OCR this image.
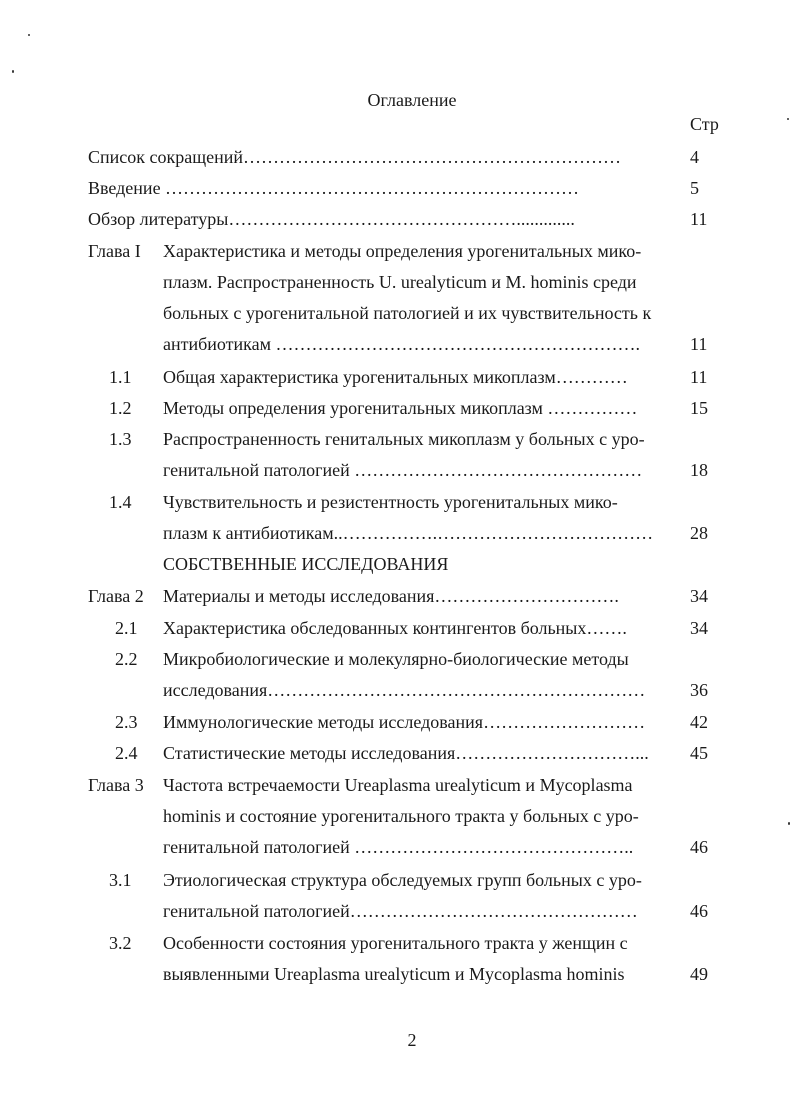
Оглавление
Стр
Список сокращений………………………………………………………	4
Введение ……………………………………………………………	5
Обзор литературы………………………………………….............	11
Глава I Характеристика и методы определения урогенитальных мико-
плазм. Распространенность U. urealyticum и M. hominis среди
больных с урогенитальной патологией и их чувствительность к
антибиотикам …………………………………………………….	11
1.1 Общая характеристика урогенитальных микоплазм…………	11
1.2 Методы определения урогенитальных микоплазм ……………	15
1.3 Распространенность генитальных микоплазм у больных с уро-
генитальной патологией …………………………………………	18
1.4 Чувствительность и резистентность урогенитальных мико-
плазм к антибиотикам..…………….………………………………	28
СОБСТВЕННЫЕ ИССЛЕДОВАНИЯ
Глава 2 Материалы и методы исследования………………………….	34
2.1 Характеристика обследованных контингентов больных…….	34
2.2 Микробиологические и молекулярно-биологические методы
исследования………………………………………………………	36
2.3 Иммунологические методы исследования………………………	42
2.4 Статистические методы исследования…………………………...	45
Глава 3 Частота встречаемости Ureaplasma urealyticum и Mycoplasma
hominis и состояние урогенитального тракта у больных с уро-
генитальной патологией ………………………………………..	46
3.1 Этиологическая структура обследуемых групп больных с уро-
генитальной патологией…………………………………………	46
3.2 Особенности состояния урогенитального тракта у женщин с
выявленными Ureaplasma urealyticum и Mycoplasma hominis	49
2
